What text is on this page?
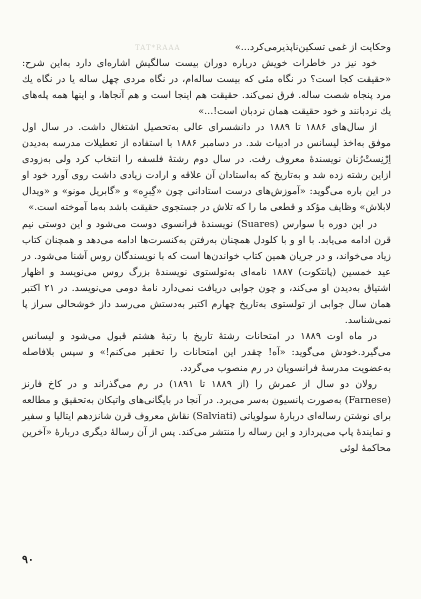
TAT*RAAA	وحکایت از غمی تسکین‌ناپذیرمی‌کرد...»

خود نیز در خاطرات خویش درباره دوران بیست سالگیش اشاره‌ای دارد به‌این شرح: «حقیقت کجا است؟ در نگاه مئی که بیست ساله‌ام، در نگاه مردی چهل ساله یا در نگاه یك مرد پنجاه شصت ساله. فرق نمی‌کند. حقیقت هم اینجا است و هم آنجاها، و اینها همه پله‌های یك نردبانند و خود حقیقت همان نردبان است!...»

از سال‌های ۱۸۸۶ تا ۱۸۸۹ در دانشسرای عالی به‌تحصیل اشتغال داشت. در سال اول موفق به‌اخذ لیسانس در ادبیات شد. در دسامبر ۱۸۸۶ با استفاده از تعطیلات مدرسه به‌دیدن اِرْنِستْ‌رُنان نویسندهٔ معروف رفت. در سال دوم رشتهٔ فلسفه را انتخاب کرد ولی به‌زودی ازاین رشته زده شد و به‌تاریخ که به‌استادان آن علاقه و ارادت زیادی داشت روی آورد خود او در این باره می‌گوید: «آموزش‌های درست استادانی چون «گِبرِه» و «گابریل مونو» و «ویدال لابلاش» وظایف مؤکد و قطعی ما را که تلاش در جستجوی حقیقت باشد به‌ما آموخته است.»

در این دوره با سوارس (Suares) نویسندهٔ فرانسوی دوست می‌شود و این دوستی نیم قرن ادامه می‌یابد. با او و با کلودل همچنان به‌رفتن به‌کنسرت‌ها ادامه می‌دهد و همچنان کتاب زیاد می‌خواند، و در جریان همین کتاب خواندن‌ها است که با نویسندگان روس آشنا می‌شود. در عید خمسین (پانتکوت) ۱۸۸۷ نامه‌ای به‌تولستوی نویسندهٔ بزرگ روس می‌نویسد و اظهار اشتیاق به‌دیدن او می‌کند، و چون جوابی دریافت نمی‌دارد نامهٔ دومی می‌نویسد. در ۲۱ اکتبر همان سال جوابی از تولستوی به‌تاریخ چهارم اکتبر به‌دستش می‌رسد داز خوشحالی سراز پا نمی‌شناسد.

در ماه اوت ۱۸۸۹ در امتحانات رشتهٔ تاریخ با رتبهٔ هشتم قبول می‌شود و لیسانس می‌گیرد.خودش می‌گوید: «آه! چقدر این امتحانات را تحقیر می‌کنم!» و سپس بلافاصله به‌عضویت مدرسهٔ فرانسویان در رم منصوب می‌گردد.

رولان دو سال از عمرش را (از ۱۸۸۹ تا ۱۸۹۱) در رم می‌گذراند و در کاخ فارنز (Farnese) به‌صورت پانسیون به‌سر می‌برد. در آنجا در بایگانی‌های واتیکان به‌تحقیق و مطالعه برای نوشتن رساله‌ای دربارهٔ سولویاتی (Salviati) نقاش معروف قرن شانزدهم ایتالیا و سفیر و نمایندهٔ پاپ می‌پردازد و این رساله را منتشر می‌کند. پس از آن رسالهٔ دیگری دربارهٔ «آخرین محاکمهٔ لوئی

۹۰
